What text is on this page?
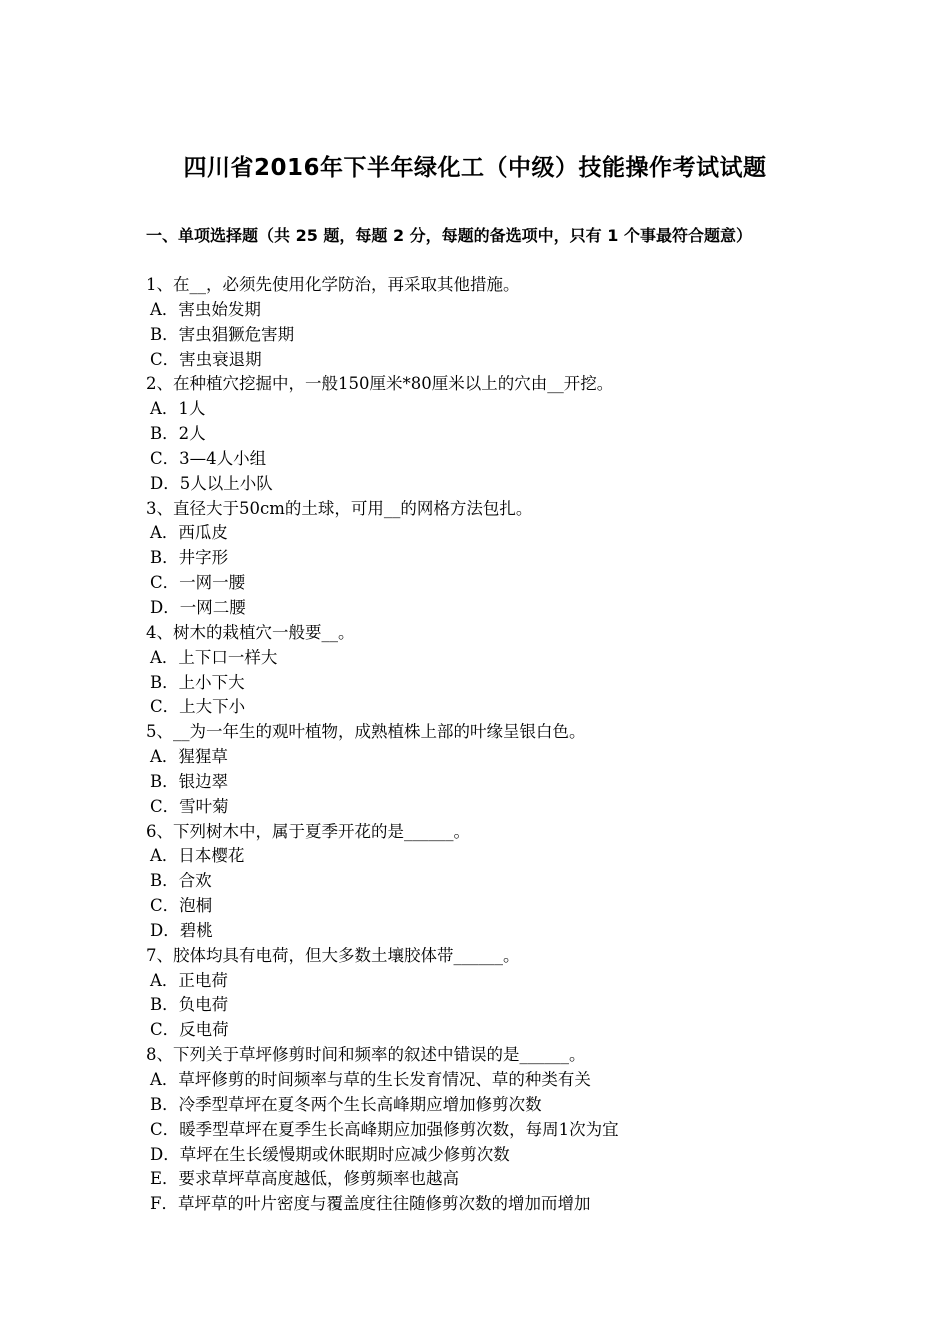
四川省2016年下半年绿化工（中级）技能操作考试试题
一、单项选择题（共 25 题，每题 2 分，每题的备选项中，只有 1 个事最符合题意）
1、在__，必须先使用化学防治，再采取其他措施。
A．害虫始发期
B．害虫猖獗危害期
C．害虫衰退期
2、在种植穴挖掘中，一般150厘米*80厘米以上的穴由__开挖。
A．1人
B．2人
C．3—4人小组
D．5人以上小队
3、直径大于50cm的土球，可用__的网格方法包扎。
A．西瓜皮
B．井字形
C．一网一腰
D．一网二腰
4、树木的栽植穴一般要__。
A．上下口一样大
B．上小下大
C．上大下小
5、__为一年生的观叶植物，成熟植株上部的叶缘呈银白色。
A．猩猩草
B．银边翠
C．雪叶菊
6、下列树木中，属于夏季开花的是______。
A．日本樱花
B．合欢
C．泡桐
D．碧桃
7、胶体均具有电荷，但大多数土壤胶体带______。
A．正电荷
B．负电荷
C．反电荷
8、下列关于草坪修剪时间和频率的叙述中错误的是______。
A．草坪修剪的时间频率与草的生长发育情况、草的种类有关
B．冷季型草坪在夏冬两个生长高峰期应增加修剪次数
C．暖季型草坪在夏季生长高峰期应加强修剪次数，每周1次为宜
D．草坪在生长缓慢期或休眠期时应减少修剪次数
E．要求草坪草高度越低，修剪频率也越高
F．草坪草的叶片密度与覆盖度往往随修剪次数的增加而增加
